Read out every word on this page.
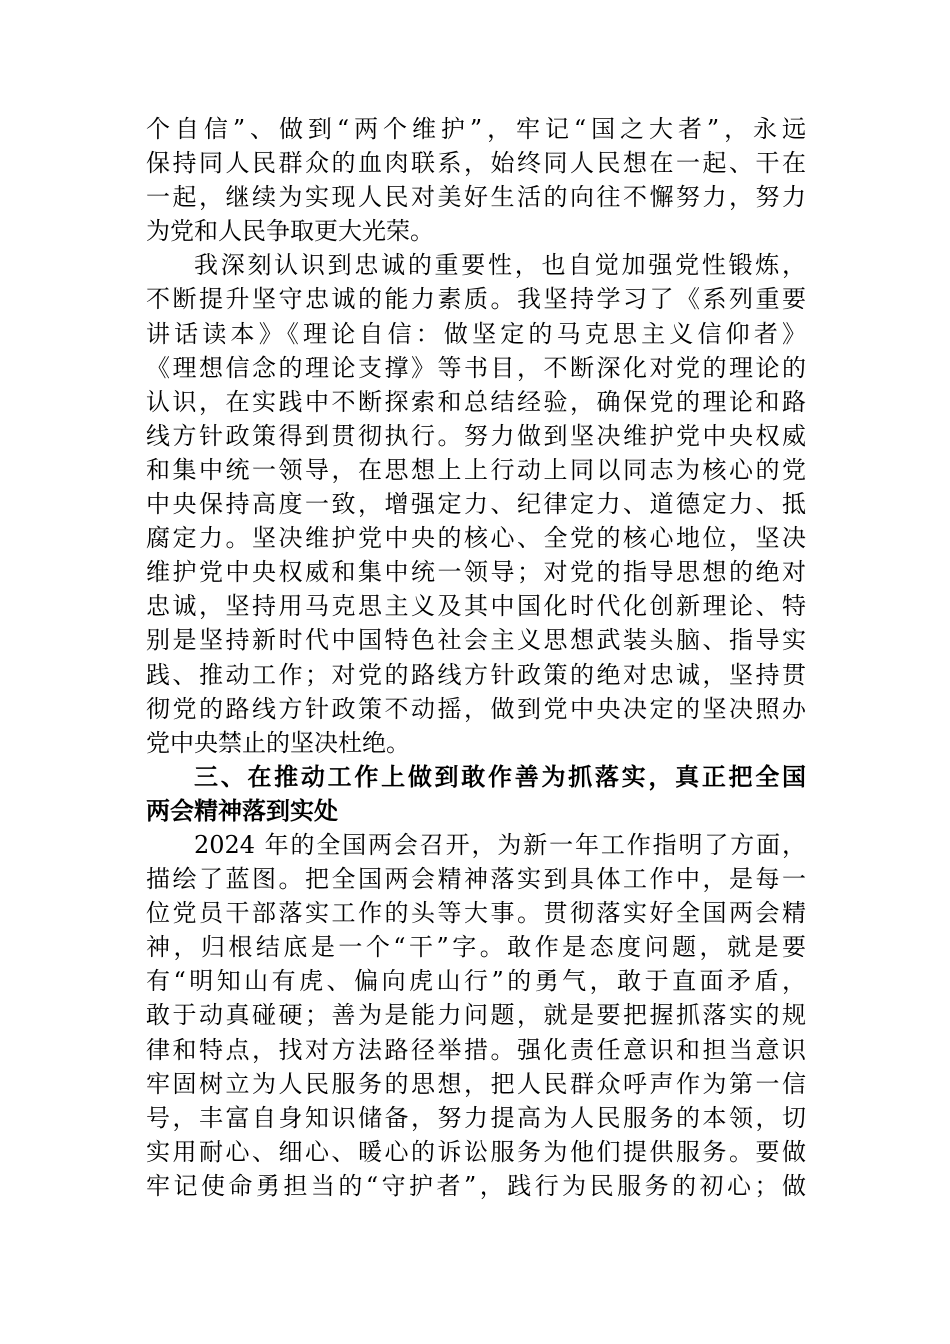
个自信”、做到“两个维护”，牢记“国之大者”，永远
保持同人民群众的血肉联系，始终同人民想在一起、干在
一起，继续为实现人民对美好生活的向往不懈努力，努力
为党和人民争取更大光荣。
我深刻认识到忠诚的重要性，也自觉加强党性锻炼，
不断提升坚守忠诚的能力素质。我坚持学习了《系列重要
讲话读本》《理论自信：做坚定的马克思主义信仰者》
《理想信念的理论支撑》等书目，不断深化对党的理论的
认识，在实践中不断探索和总结经验，确保党的理论和路
线方针政策得到贯彻执行。努力做到坚决维护党中央权威
和集中统一领导，在思想上上行动上同以同志为核心的党
中央保持高度一致，增强定力、纪律定力、道德定力、抵
腐定力。坚决维护党中央的核心、全党的核心地位，坚决
维护党中央权威和集中统一领导；对党的指导思想的绝对
忠诚，坚持用马克思主义及其中国化时代化创新理论、特
别是坚持新时代中国特色社会主义思想武装头脑、指导实
践、推动工作；对党的路线方针政策的绝对忠诚，坚持贯
彻党的路线方针政策不动摇，做到党中央决定的坚决照办
党中央禁止的坚决杜绝。
三、在推动工作上做到敢作善为抓落实，真正把全国
两会精神落到实处
2024 年的全国两会召开，为新一年工作指明了方面，
描绘了蓝图。把全国两会精神落实到具体工作中，是每一
位党员干部落实工作的头等大事。贯彻落实好全国两会精
神，归根结底是一个“干”字。敢作是态度问题，就是要
有“明知山有虎、偏向虎山行”的勇气，敢于直面矛盾，
敢于动真碰硬；善为是能力问题，就是要把握抓落实的规
律和特点，找对方法路径举措。强化责任意识和担当意识
牢固树立为人民服务的思想，把人民群众呼声作为第一信
号，丰富自身知识储备，努力提高为人民服务的本领，切
实用耐心、细心、暖心的诉讼服务为他们提供服务。要做
牢记使命勇担当的“守护者”，践行为民服务的初心；做
